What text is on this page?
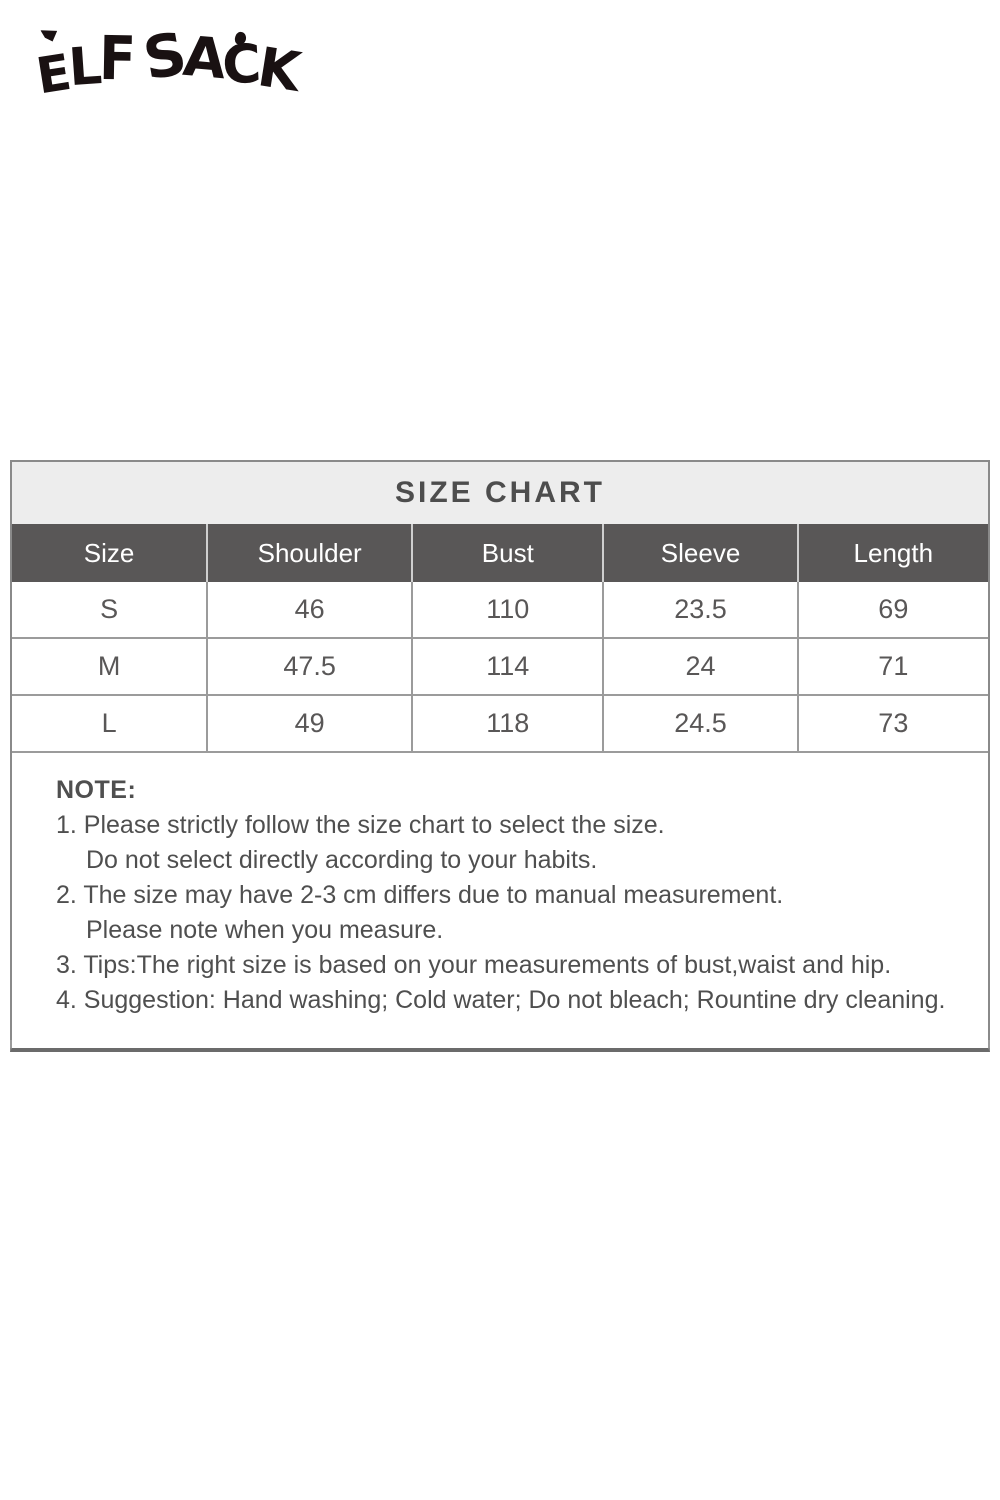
ELFSACK
SIZE CHART
Size	Shoulder	Bust	Sleeve	Length
S	46	110	23.5	69
M	47.5	114	24	71
L	49	118	24.5	73
NOTE:
1. Please strictly follow the size chart to select the size.
Do not select directly according to your habits.
2. The size may have 2-3 cm differs due to manual measurement.
Please note when you measure.
3. Tips:The right size is based on your measurements of bust,waist and hip.
4. Suggestion: Hand washing; Cold water; Do not bleach; Rountine dry cleaning.
